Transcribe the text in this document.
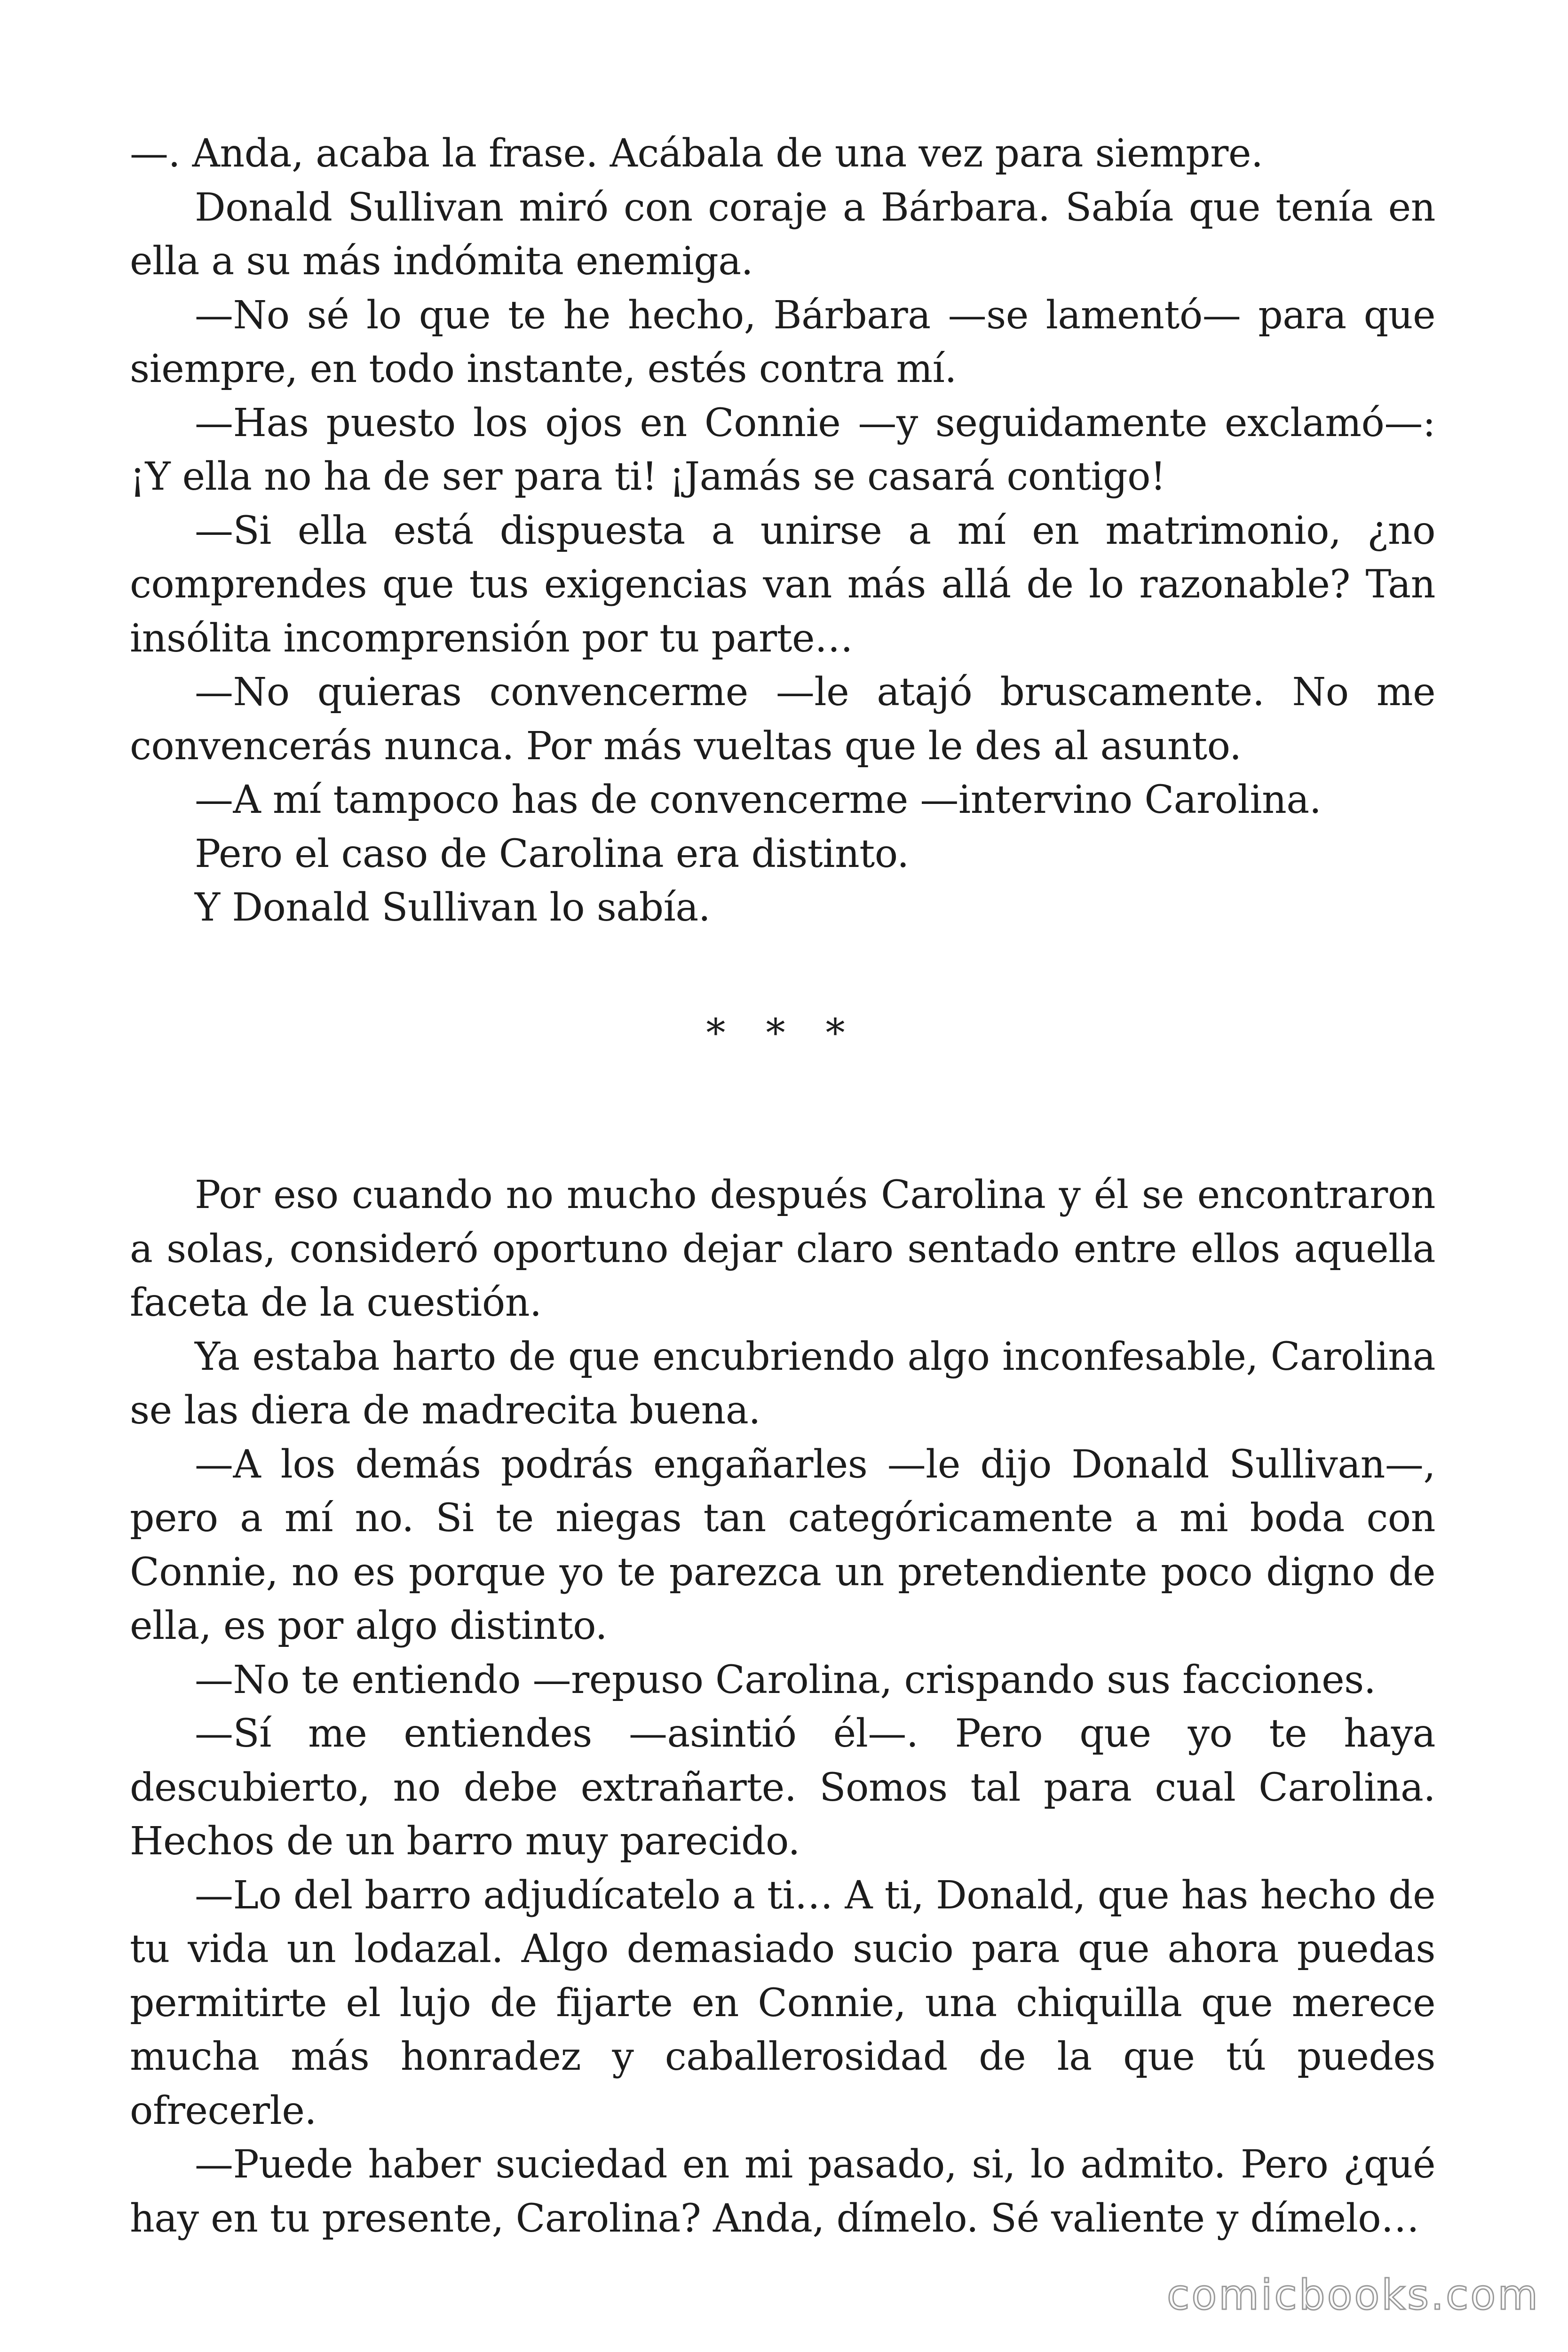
—. Anda, acaba la frase. Acábala de una vez para siempre.

Donald Sullivan miró con coraje a Bárbara. Sabía que tenía en ella a su más indómita enemiga.

—No sé lo que te he hecho, Bárbara —se lamentó— para que siempre, en todo instante, estés contra mí.

—Has puesto los ojos en Connie —y seguidamente exclamó—: ¡Y ella no ha de ser para ti! ¡Jamás se casará contigo!

—Si ella está dispuesta a unirse a mí en matrimonio, ¿no comprendes que tus exigencias van más allá de lo razonable? Tan insólita incomprensión por tu parte…

—No quieras convencerme —le atajó bruscamente. No me convencerás nunca. Por más vueltas que le des al asunto.

—A mí tampoco has de convencerme —intervino Carolina.

Pero el caso de Carolina era distinto.

Y Donald Sullivan lo sabía.

* * *

Por eso cuando no mucho después Carolina y él se encontraron a solas, consideró oportuno dejar claro sentado entre ellos aquella faceta de la cuestión.

Ya estaba harto de que encubriendo algo inconfesable, Carolina se las diera de madrecita buena.

—A los demás podrás engañarles —le dijo Donald Sullivan—, pero a mí no. Si te niegas tan categóricamente a mi boda con Connie, no es porque yo te parezca un pretendiente poco digno de ella, es por algo distinto.

—No te entiendo —repuso Carolina, crispando sus facciones.

—Sí me entiendes —asintió él—. Pero que yo te haya descubierto, no debe extrañarte. Somos tal para cual Carolina. Hechos de un barro muy parecido.

—Lo del barro adjudícatelo a ti… A ti, Donald, que has hecho de tu vida un lodazal. Algo demasiado sucio para que ahora puedas permitirte el lujo de fijarte en Connie, una chiquilla que merece mucha más honradez y caballerosidad de la que tú puedes ofrecerle.

—Puede haber suciedad en mi pasado, si, lo admito. Pero ¿qué hay en tu presente, Carolina? Anda, dímelo. Sé valiente y dímelo…

comicbooks.com
